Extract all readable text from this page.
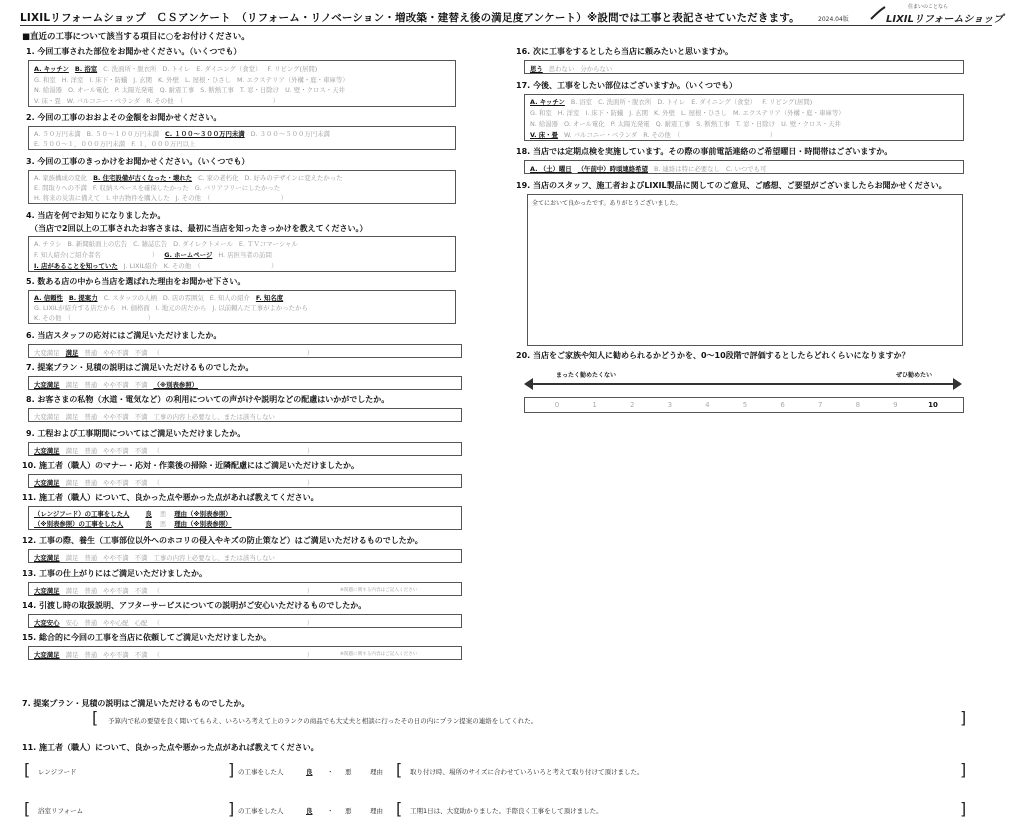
LIXILリフォームショップ　ＣＳアンケート　（リフォーム・リノベーション・増改築・建替え後の満足度アンケート）※設問では工事と表記させていただきます。	2024.04版
住まいのことなら
LIXILリフォームショップ
■直近の工事について該当する項目に○をお付けください。
1. 今回工事された部位をお聞かせください。（いくつでも）
A. キッチン B. 浴室 C. 洗面所・脱衣所 D. トイレ E. ダイニング（食堂） F. リビング(居間)
G. 和室 H. 洋室 I. 床下・防蟻 J. 玄関 K. 外壁 L. 屋根・ひさし M. エクステリア（外構・庭・車庫等）
N. 給湯器 O. オール電化 P. 太陽光発電 Q. 耐震工事 S. 断熱工事 T. 窓・日除け U. 壁・クロス・天井
V. 床・畳 W. バルコニー・ベランダ R. その他　（　　　　　　　　　　　　　　）
2. 今回の工事のおおよその金額をお聞かせください。
A. ５０万円未満 B. ５０～１００万円未満 C. １００～３００万円未満 D. ３００～５００万円未満
E. ５００～１，０００万円未満 F. １，０００万円以上
3. 今回の工事のきっかけをお聞かせください。（いくつでも）
A. 家族構成の変化 B. 住宅設備が古くなった・壊れた C. 家の老朽化 D. 好みのデザインに変えたかった
E. 間取りへの不満 F. 収納スペースを確保したかった G. バリアフリーにしたかった
H. 将来の災害に備えて I. 中古物件を購入した J. その他　（　　　　　　　　　　　）
4. 当店を何でお知りになりましたか。
（当店で2回以上の工事されたお客さまは、最初に当店を知ったきっかけを教えてください。）
A. チラシ B. 新聞紙面上の広告 C. 雑誌広告 D. ダイレクトメール E. ＴＶコマーシャル
F. 知人紹介(ご紹介者名　　　　　　　　） G. ホームページ H. 店担当者の訪問
I. 店があることを知っていた J. LIXIL紹介 K. その他　（　　　　　　　　　　　）
5. 数ある店の中から当店を選ばれた理由をお聞かせ下さい。
A. 信頼性 B. 提案力 C. スタッフの人柄 D. 店の雰囲気 E. 知人の紹介 F. 知名度
G. LIXILが紹介する店だから H. 価格面 I. 地元の店だから J. 以前頼んだ工事がよかったから
K. その他　（　　　　　　　　　　　　）
6. 当店スタッフの応対にはご満足いただけましたか。
大変満足 満足 普通 やや不満 不満 （　　　　　　　　　　　　　　　　　　　　　　　）
7. 提案プラン・見積の説明はご満足いただけるものでしたか。
大変満足 満足 普通 やや不満 不満 （※別表参照）
8. お客さまの私物（水道・電気など）の利用についての声がけや説明などの配慮はいかがでしたか。
大変満足 満足 普通 やや不満 不満 工事の内容上必要なし、または該当しない
9. 工程および工事期間についてはご満足いただけましたか。
大変満足 満足 普通 やや不満 不満 （　　　　　　　　　　　　　　　　　　　　　　　）
10. 施工者（職人）のマナー・応対・作業後の掃除・近隣配慮にはご満足いただけましたか。
大変満足 満足 普通 やや不満 不満 （　　　　　　　　　　　　　　　　　　　　　　　）
11. 施工者（職人）について、良かった点や悪かった点があれば教えてください。
（レンジフード）の工事をした人	良 悪 理由（※別表参照）
（※別表参照）の工事をした人	良 悪 理由（※別表参照）
12. 工事の際、養生（工事部位以外へのホコリの侵入やキズの防止策など）はご満足いただけるものでしたか。
大変満足 満足 普通 やや不満 不満 工事の内容上必要なし、または該当しない
13. 工事の仕上がりにはご満足いただけましたか。
大変満足 満足 普通 やや不満 不満 （　　　　　　　　　　　　　　　　　　　　　　　）	※問題に関する内容はご記入ください
14. 引渡し時の取扱説明、アフターサービスについての説明がご安心いただけるものでしたか。
大変安心 安心 普通 やや心配 心配 （　　　　　　　　　　　　　　　　　　　　　　　）
15. 総合的に今回の工事を当店に依頼してご満足いただけましたか。
大変満足 満足 普通 やや不満 不満 （　　　　　　　　　　　　　　　　　　　　　　　）	※問題に関する内容はご記入ください
16. 次に工事をするとしたら当店に頼みたいと思いますか。
思う 思わない 分からない
17. 今後、工事をしたい部位はございますか。（いくつでも）
A. キッチン B. 浴室 C. 洗面所・脱衣所 D. トイレ E. ダイニング（食堂） F. リビング(居間)
G. 和室 H. 洋室 I. 床下・防蟻 J. 玄関 K. 外壁 L. 屋根・ひさし M. エクステリア（外構・庭・車庫等）
N. 給湯器 O. オール電化 P. 太陽光発電 Q. 耐震工事 S. 断熱工事 T. 窓・日除け U. 壁・クロス・天井
V. 床・畳 W. バルコニー・ベランダ R. その他　（　　　　　　　　　　　　　　）
18. 当店では定期点検を実施しています。その際の事前電話連絡のご希望曜日・時間帯はございますか。
A. （土）曜日 （午前中）時頃連絡希望 B. 連絡は特に必要なし C. いつでも可
19. 当店のスタッフ、施工者およびLIXIL製品に関してのご意見、ご感想、ご要望がございましたらお聞かせください。
全てにおいて良かったです。ありがとうございました。
20. 当店をご家族や知人に勧められるかどうかを、0～10段階で評価するとしたらどれくらいになりますか？
まったく勧めたくない	ぜひ勧めたい
0	1	2	3	4	5	6	7	8	9	10
7. 提案プラン・見積の説明はご満足いただけるものでしたか。
[ 予算内で私の要望を良く聞いてもらえ、いろいろ考えて上のランクの商品でも大丈夫と相談に行ったその日の内にプラン提案の連絡をしてくれた。	]
11. 施工者（職人）について、良かった点や悪かった点があれば教えてください。
[ レンジフード	] の工事をした人	良 ・ 悪	理由 [ 取り付け時、場所のサイズに合わせていろいろと考えて取り付けて頂けました。	]
[ 浴室リフォーム	] の工事をした人	良 ・ 悪	理由 [ 工期1日は、大変助かりました。手際良く工事をして頂けました。	]
